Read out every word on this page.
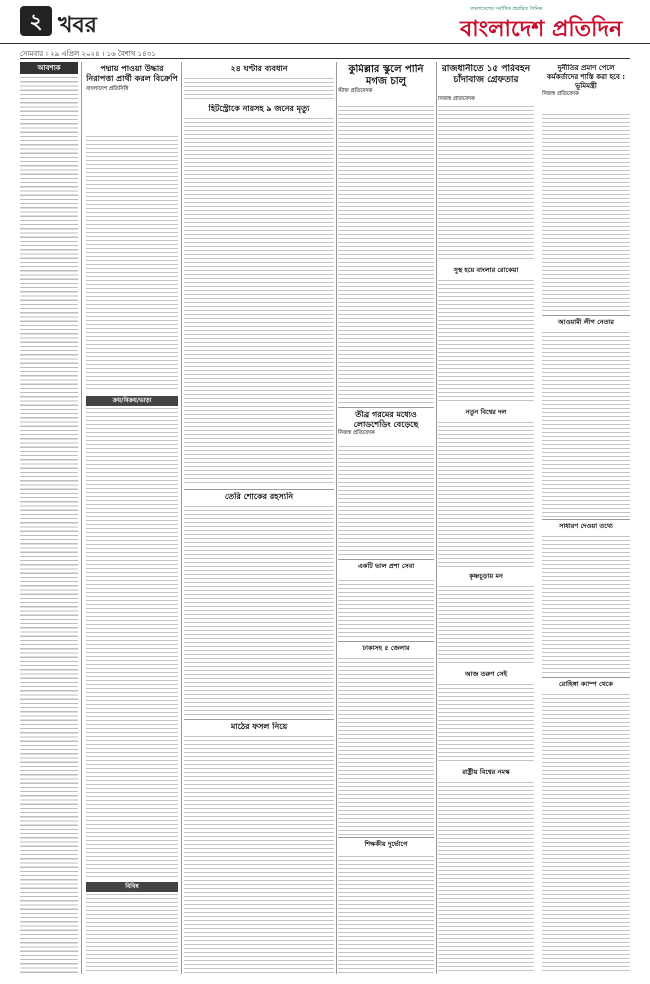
২ খবর
বাংলাদেশের সর্বাধিক প্রচারিত দৈনিক
বাংলাদেশ প্রতিদিন
সোমবার । ২৯ এপ্রিল ২০২৪ । ১৬ বৈশাখ ১৪৩১
আবশ্যক	পদ্মায় পাওয়া উদ্ধার নিরাপত্তা প্রার্থী করল বিক্রেপি
বাংলাদেশ প্রতিনিধি
ক্রয়/বিক্রয়/ভাড়া
বিবিধ
২৪ ঘণ্টার ব্যবধান
হিটস্ট্রোকে নারসহ ৯ জনের মৃত্যু
তেরি শোকের রহস্যনি
মাঠের ফসল নিয়ে
কুমিল্লার স্কুলে পানি মগজ চালু
স্টাফ প্রতিবেদক
তীব্র গরমের মধ্যেও লোডশেডিং বেড়েছে
নিজস্ব প্রতিবেদক
একটি ভাল প্রশা সেবা
ঢাকাসহ ৫ জেলার
শিক্ষকীয় দুর্ভোগে
রাজধানীতে ১৫ পরিবহন
চাঁদাবাজ গ্রেফতার
নিজস্ব প্রতিবেদক
সুস্থ হয়ে বাংলার রোকেয়া
নতুন বিশ্বের দল
কৃষ্ণচূড়ায় মন
আজ তরুণ সেই
রাষ্ট্রীয় বিশ্বের নমস্ক
দুর্নীতির প্রমাণ পেলে কর্মকর্তাদের শাস্তি করা হবে : ভূমিমন্ত্রী
নিজস্ব প্রতিবেদক
আওয়ামী লীগ নেতার
সাধারণ দেওয়া তথ্যে
রোহিঙ্গা ক্যাম্প থেকে
